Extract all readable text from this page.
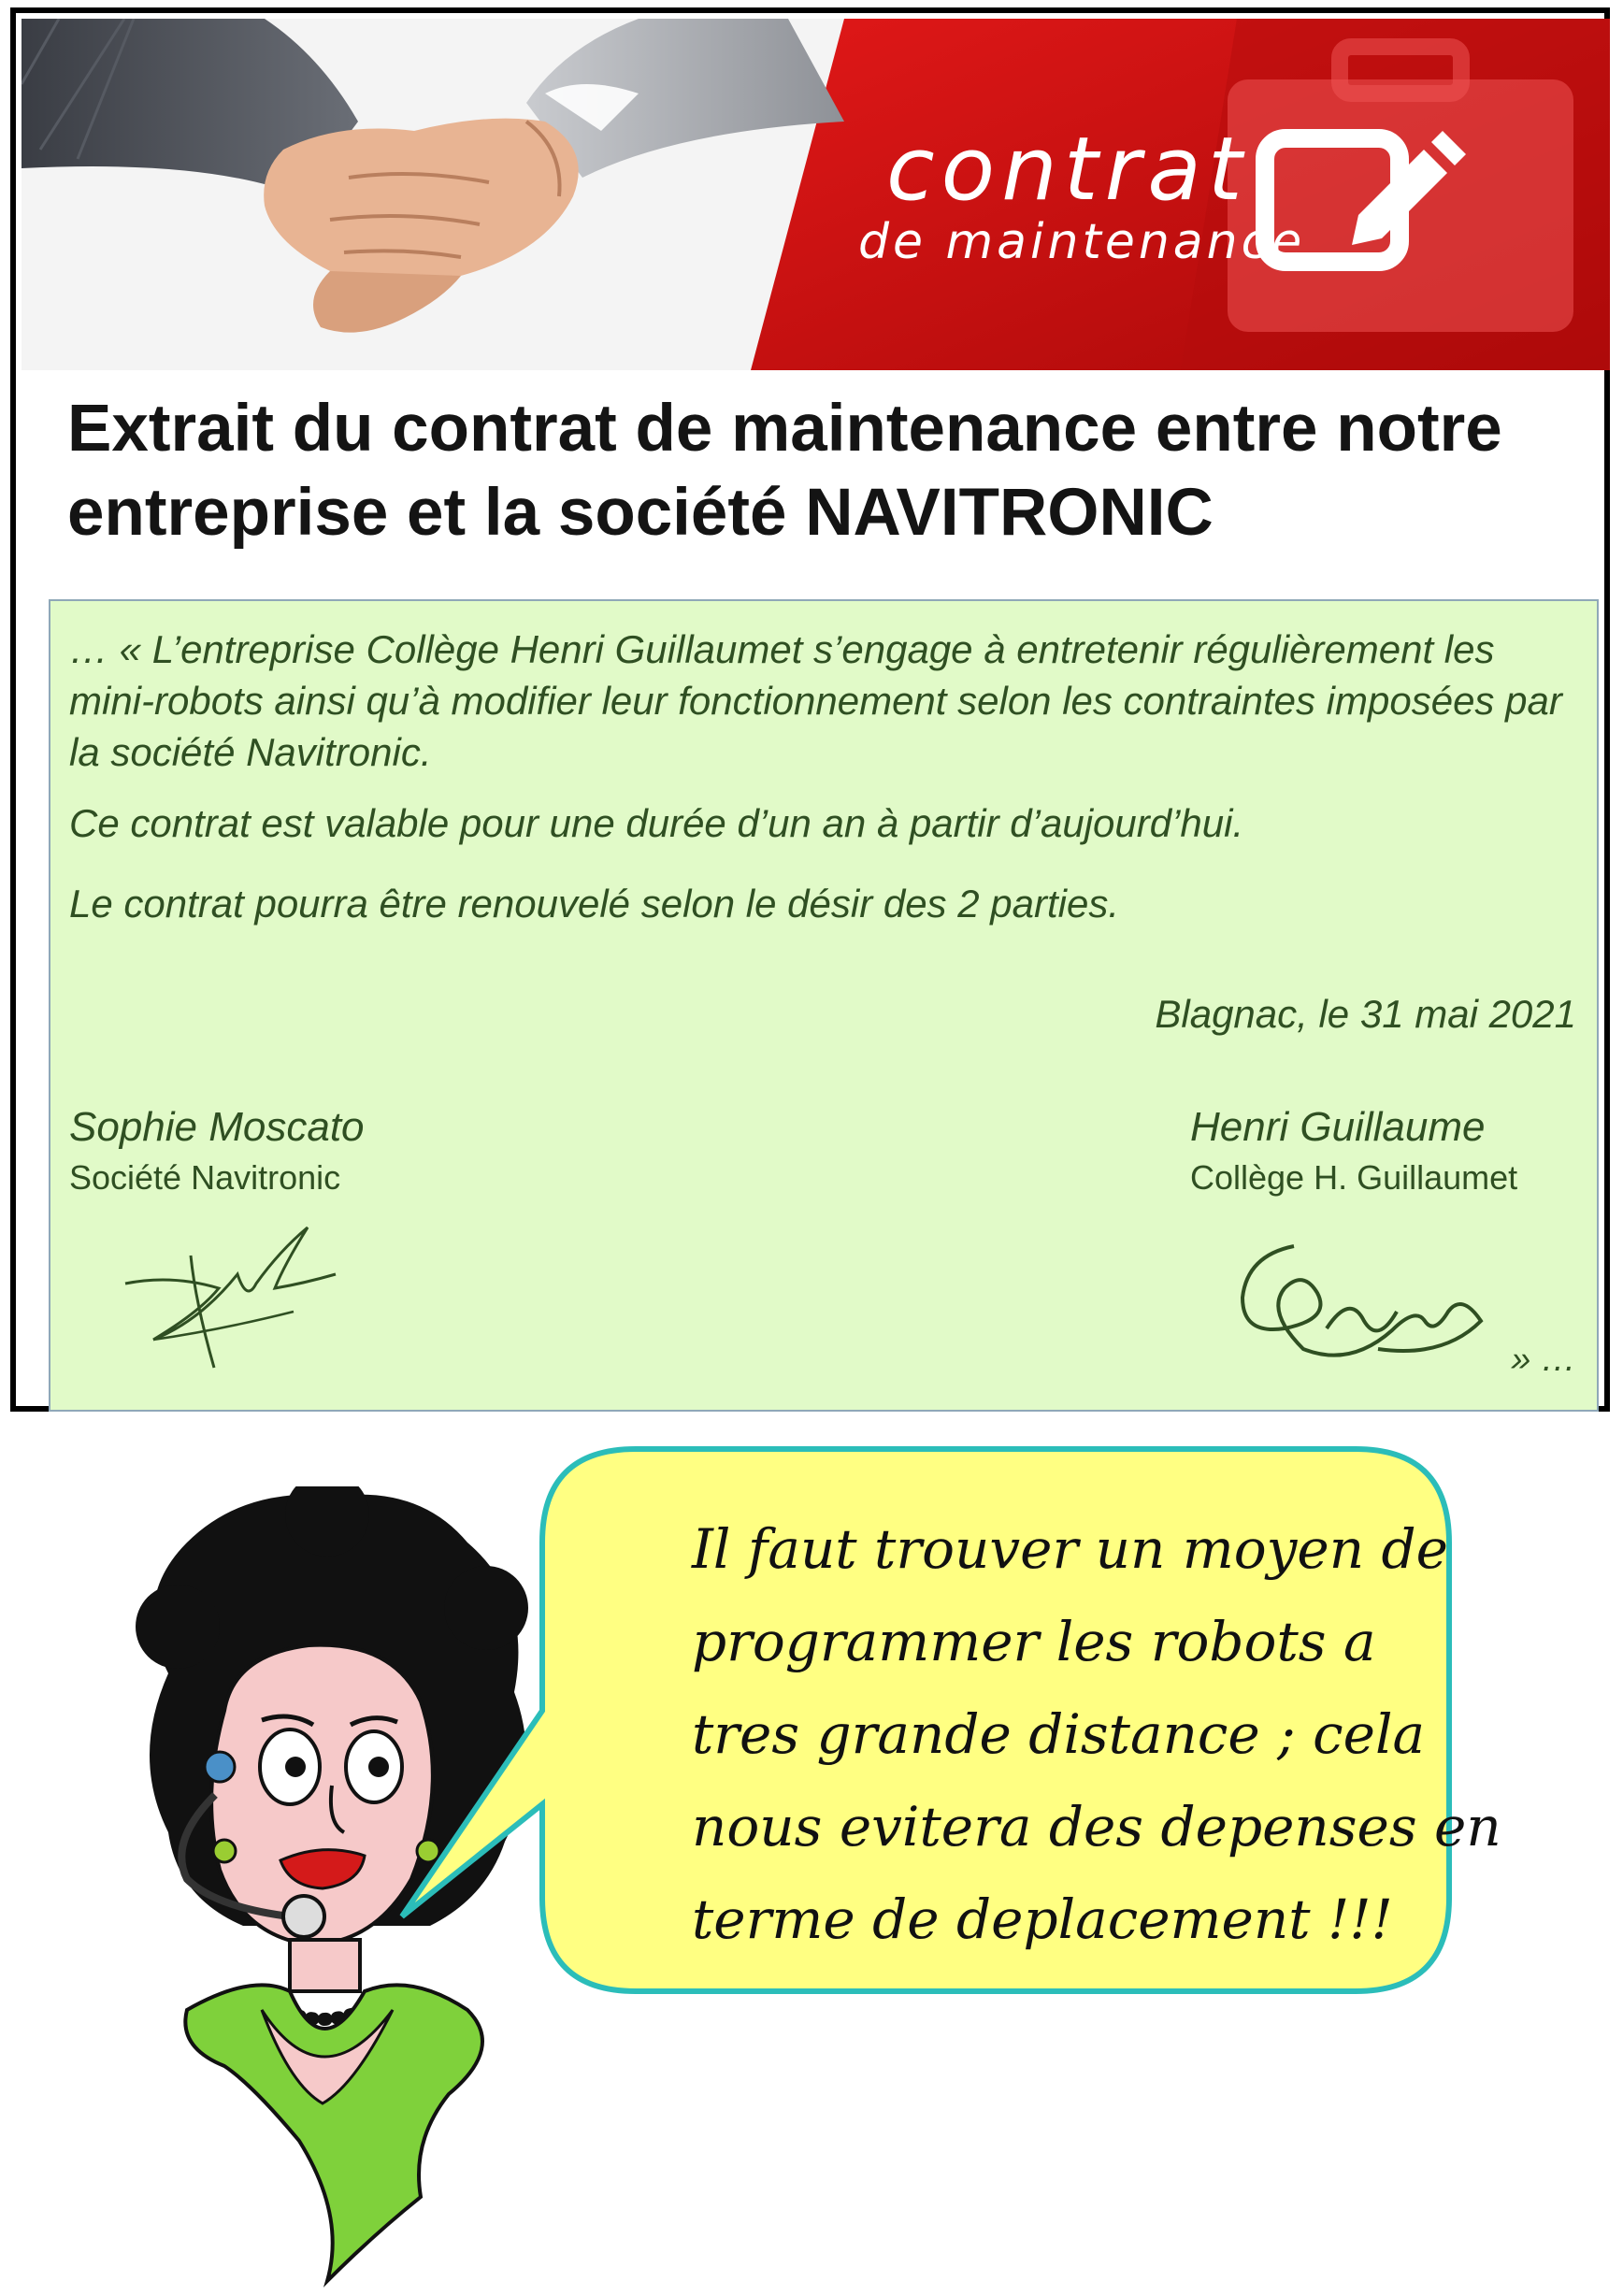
contrat
de maintenance
Extrait du contrat de maintenance entre notre entreprise et la société NAVITRONIC

… « L’entreprise Collège Henri Guillaumet s’engage à entretenir régulièrement les mini-robots ainsi qu’à modifier leur fonctionnement selon les contraintes imposées par la société Navitronic.

Ce contrat est valable pour une durée d’un an à partir d’aujourd’hui.

Le contrat pourra être renouvelé selon le désir des 2 parties.

Blagnac, le 31 mai 2021
Sophie Moscato
Société Navitronic
Henri Guillaume
Collège H. Guillaumet
» …
Il faut trouver un moyen de
programmer les robots a
tres grande distance ; cela
nous evitera des depenses en
terme de deplacement !!!
